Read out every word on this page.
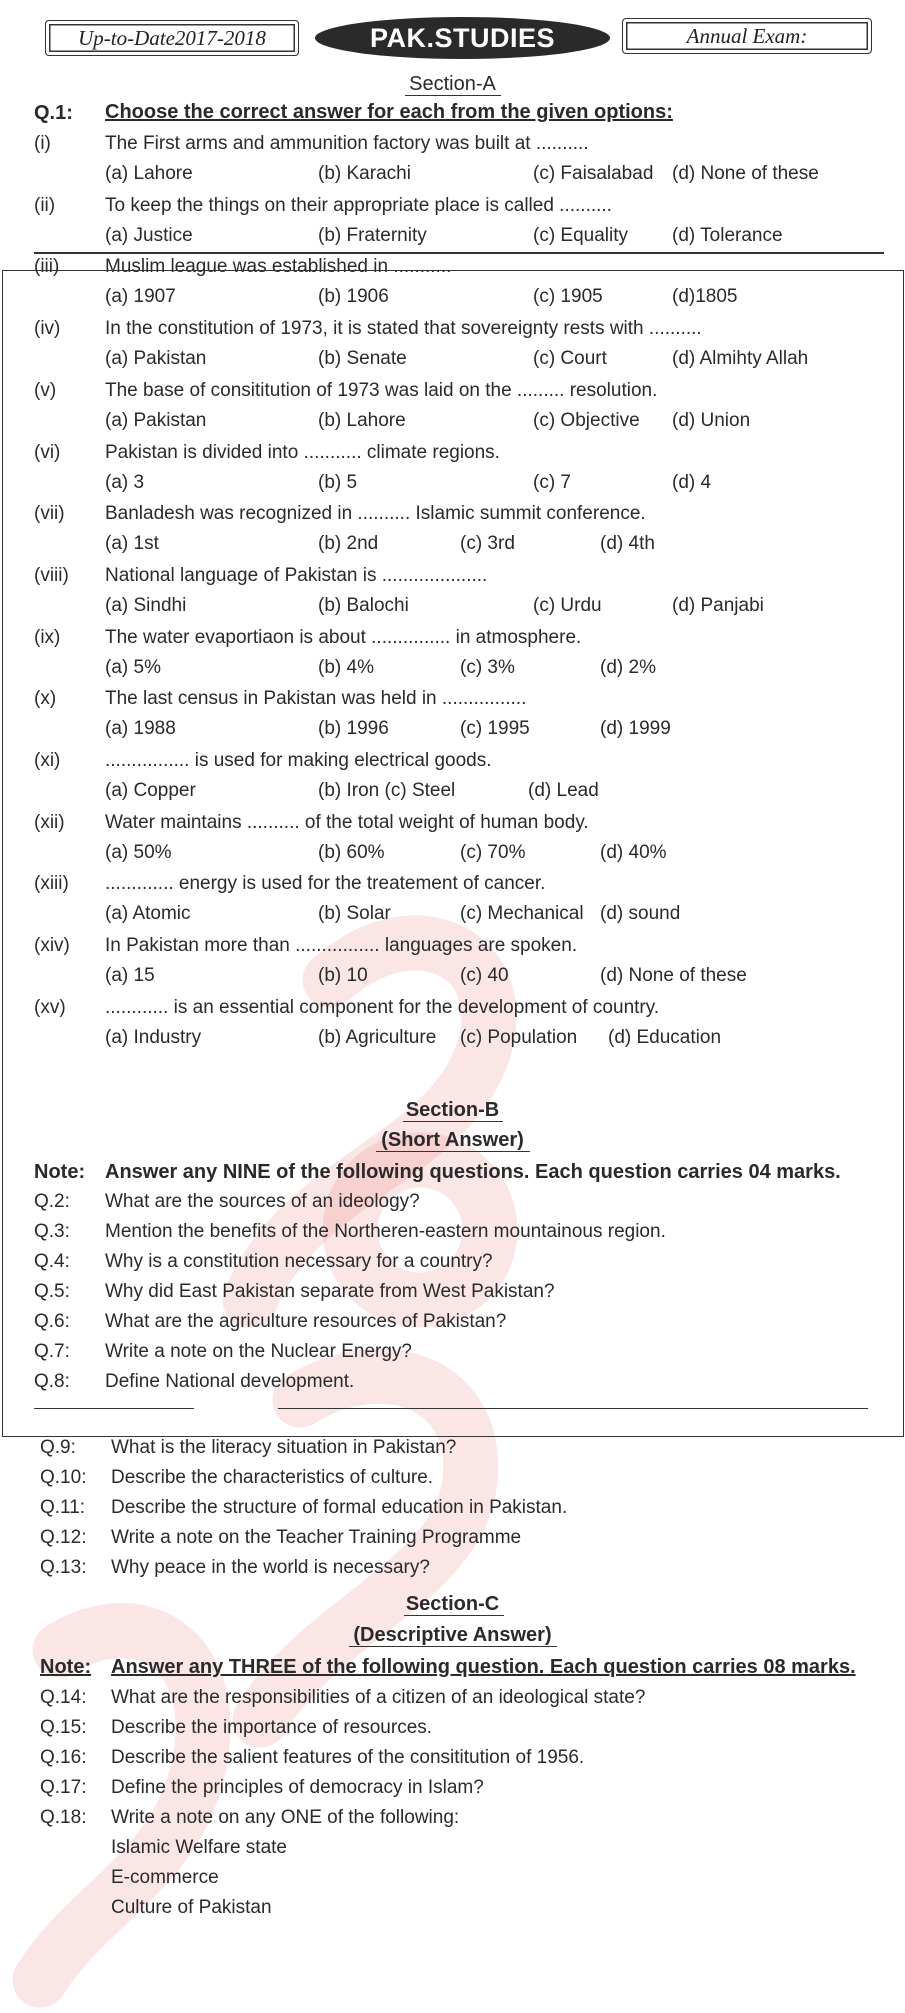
Up-to-Date2017-2018	PAK.STUDIES	Annual Exam:
Section-A
Q.1: Choose the correct answer for each from the given options:
(i)	The First arms and ammunition factory was built at ..........
(a) Lahore	(b) Karachi	(c) Faisalabad (d) None of these
(ii)	To keep the things on their appropriate place is called ..........
(a) Justice	(b) Fraternity	(c) Equality (d) Tolerance
(iii) Muslim league was established in ...........
(a) 1907	(b) 1906	(c) 1905	(d)1805
(iv) In the constitution of 1973, it is stated that sovereignty rests with ..........
(a) Pakistan	(b) Senate	(c) Court	(d) Almihty Allah
(v)	The base of consititution of 1973 was laid on the ......... resolution.
(a) Pakistan	(b) Lahore	(c) Objective (d) Union
(vi) Pakistan is divided into ........... climate regions.
(a) 3	(b) 5	(c) 7	(d) 4
(vii) Banladesh was recognized in .......... Islamic summit conference.
(a) 1st	(b) 2nd	(c) 3rd	(d) 4th
(viii) National language of Pakistan is ....................
(a) Sindhi	(b) Balochi	(c) Urdu	(d) Panjabi
(ix) The water evaportiaon is about ............... in atmosphere.
(a) 5%	(b) 4%	(c) 3%	(d) 2%
(x)	The last census in Pakistan was held in ................
(a) 1988	(b) 1996	(c) 1995	(d) 1999
(xi) ................ is used for making electrical goods.
(a) Copper	(b) Iron (c) Steel	(d) Lead
(xii) Water maintains .......... of the total weight of human body.
(a) 50%	(b) 60%	(c) 70%	(d) 40%
(xiii) ............. energy is used for the treatement of cancer.
(a) Atomic	(b) Solar	(c) Mechanical (d) sound
(xiv) In Pakistan more than ................ languages are spoken.
(a) 15	(b) 10	(c) 40	(d) None of these
(xv) ............ is an essential component for the development of country.
(a) Industry	(b) Agriculture (c) Population (d) Education
Section-B
(Short Answer)
Note: Answer any NINE of the following questions. Each question carries 04 marks.
Q.2: What are the sources of an ideology?
Q.3: Mention the benefits of the Northeren-eastern mountainous region.
Q.4: Why is a constitution necessary for a country?
Q.5: Why did East Pakistan separate from West Pakistan?
Q.6: What are the agriculture resources of Pakistan?
Q.7: Write a note on the Nuclear Energy?
Q.8: Define National development.
Q.9: What is the literacy situation in Pakistan?
Q.10: Describe the characteristics of culture.
Q.11: Describe the structure of formal education in Pakistan.
Q.12: Write a note on the Teacher Training Programme
Q.13: Why peace in the world is necessary?
Section-C
(Descriptive Answer)
Note: Answer any THREE of the following question. Each question carries 08 marks.
Q.14: What are the responsibilities of a citizen of an ideological state?
Q.15: Describe the importance of resources.
Q.16: Describe the salient features of the consititution of 1956.
Q.17: Define the principles of democracy in Islam?
Q.18: Write a note on any ONE of the following:
Islamic Welfare state
E-commerce
Culture of Pakistan
